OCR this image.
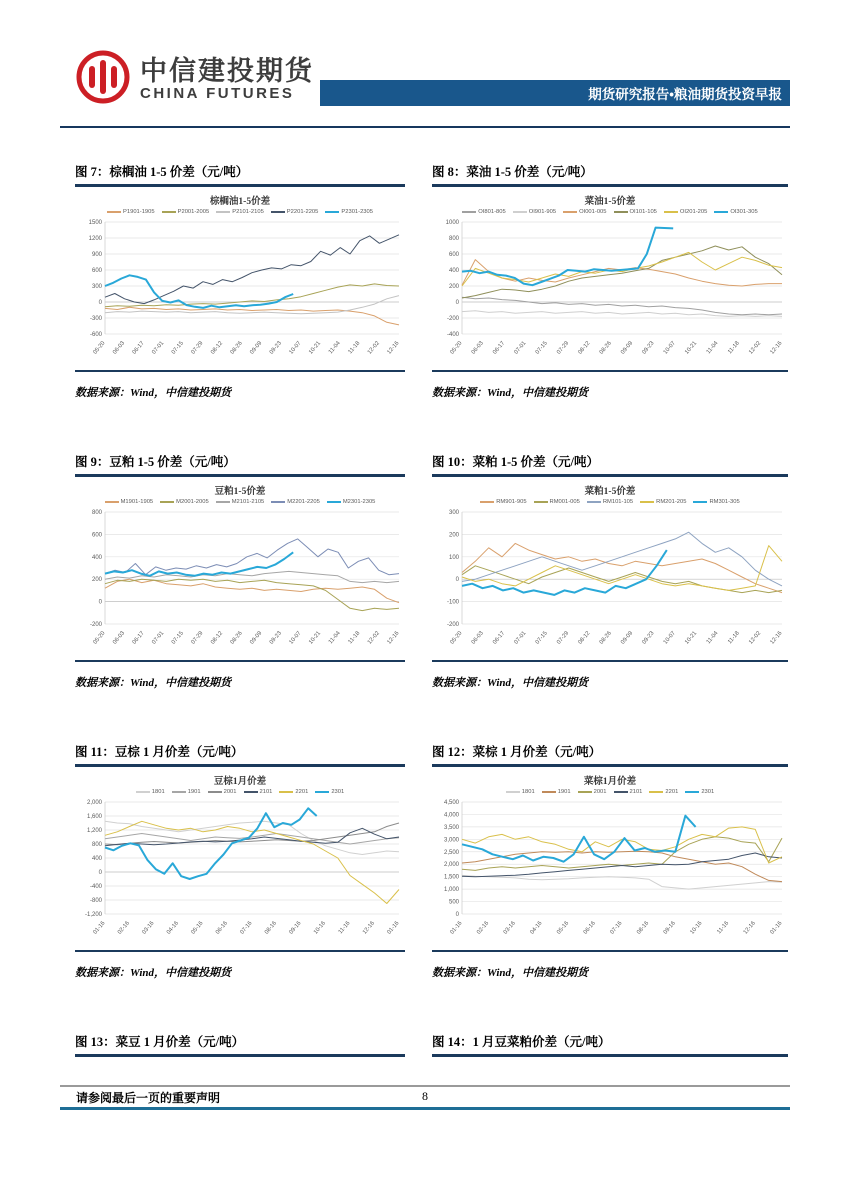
中信建投期货
CHINA FUTURES	期货研究报告•粮油期货投资早报
图 7：棕榈油 1-5 价差（元/吨）
棕榈油1-5价差
P1901-1905	P2001-2005	P2101-2105	P2201-2205	P2301-2305
-600
-300
0
300
600
900
1200
1500
05-20 06-03 06-17 07-01 07-15 07-29 08-12 08-26 09-09 09-23 10-07 10-21 11-04 11-18 12-02 12-16
数据来源：Wind，中信建投期货
图 8：菜油 1-5 价差（元/吨）
菜油1-5价差
OI801-805	OI901-905	OI001-005	OI101-105	OI201-205	OI301-305
-400
-200
0
200
400
600
800
1000
05-20 06-03 06-17 07-01 07-15 07-29 08-12 08-26 09-09 09-23 10-07 10-21 11-04 11-18 12-02 12-16
数据来源：Wind，中信建投期货
图 9：豆粕 1-5 价差（元/吨）
豆粕1-5价差
M1901-1905	M2001-2005	M2101-2105	M2201-2205	M2301-2305
-200
0
200
400
600
800
05-20 06-03 06-17 07-01 07-15 07-29 08-12 08-26 09-09 09-23 10-07 10-21 11-04 11-18 12-02 12-16
数据来源：Wind，中信建投期货
图 10：菜粕 1-5 价差（元/吨）
菜粕1-5价差
RM901-905	RM001-005	RM101-105	RM201-205	RM301-305
-200
-100
0
100
200
300
05-20 06-03 06-17 07-01 07-15 07-29 08-12 08-26 09-09 09-23 10-07 10-21 11-04 11-18 12-02 12-16
数据来源：Wind，中信建投期货
图 11：豆棕 1 月价差（元/吨）
豆棕1月价差
1801	1901	2001	2101	2201	2301
-1,200
-800
-400
0
400
800
1,200
1,600
2,000
01-16 02-16 03-16 04-16 05-16 06-16 07-16 08-16 09-16 10-16 11-16 12-16 01-16
数据来源：Wind，中信建投期货
图 12：菜棕 1 月价差（元/吨）
菜棕1月价差
1801	1901	2001	2101	2201	2301
0
500
1,000
1,500
2,000
2,500
3,000
3,500
4,000
4,500
01-16 02-16 03-16 04-16 05-16 06-16 07-16 08-16 09-16 10-16 11-16 12-16 01-16
数据来源：Wind，中信建投期货
图 13：菜豆 1 月价差（元/吨）	图 14：1 月豆菜粕价差（元/吨）
请参阅最后一页的重要声明	8
